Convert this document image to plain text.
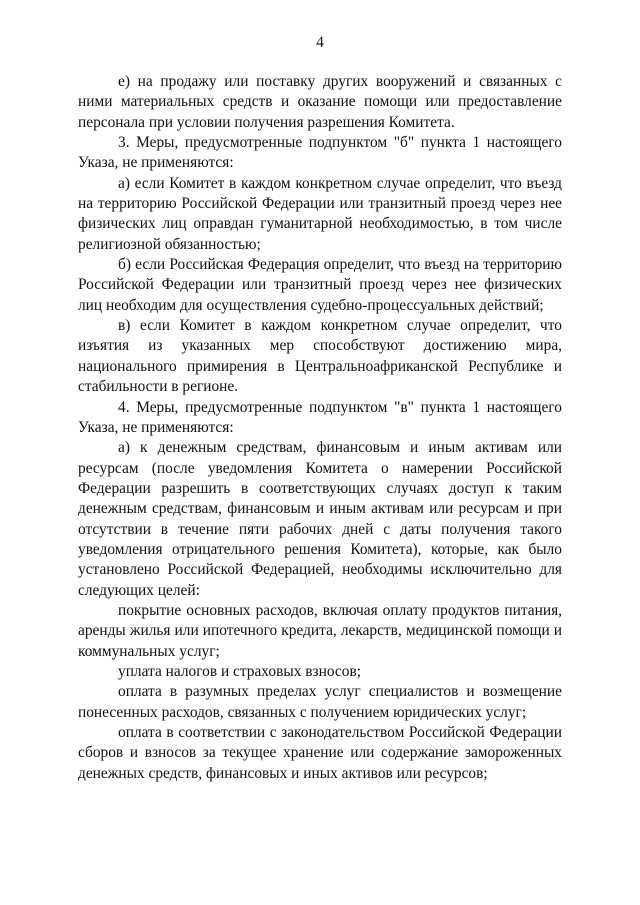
4

е) на продажу или поставку других вооружений и связанных с ними материальных средств и оказание помощи или предоставление персонала при условии получения разрешения Комитета.

3. Меры, предусмотренные подпунктом "б" пункта 1 настоящего Указа, не применяются:

а) если Комитет в каждом конкретном случае определит, что въезд на территорию Российской Федерации или транзитный проезд через нее физических лиц оправдан гуманитарной необходимостью, в том числе религиозной обязанностью;

б) если Российская Федерация определит, что въезд на территорию Российской Федерации или транзитный проезд через нее физических лиц необходим для осуществления судебно-процессуальных действий;

в) если Комитет в каждом конкретном случае определит, что изъятия из указанных мер способствуют достижению мира, национального примирения в Центральноафриканской Республике и стабильности в регионе.

4. Меры, предусмотренные подпунктом "в" пункта 1 настоящего Указа, не применяются:

а) к денежным средствам, финансовым и иным активам или ресурсам (после уведомления Комитета о намерении Российской Федерации разрешить в соответствующих случаях доступ к таким денежным средствам, финансовым и иным активам или ресурсам и при отсутствии в течение пяти рабочих дней с даты получения такого уведомления отрицательного решения Комитета), которые, как было установлено Российской Федерацией, необходимы исключительно для следующих целей:

покрытие основных расходов, включая оплату продуктов питания, аренды жилья или ипотечного кредита, лекарств, медицинской помощи и коммунальных услуг;

уплата налогов и страховых взносов;

оплата в разумных пределах услуг специалистов и возмещение понесенных расходов, связанных с получением юридических услуг;

оплата в соответствии с законодательством Российской Федерации сборов и взносов за текущее хранение или содержание замороженных денежных средств, финансовых и иных активов или ресурсов;
